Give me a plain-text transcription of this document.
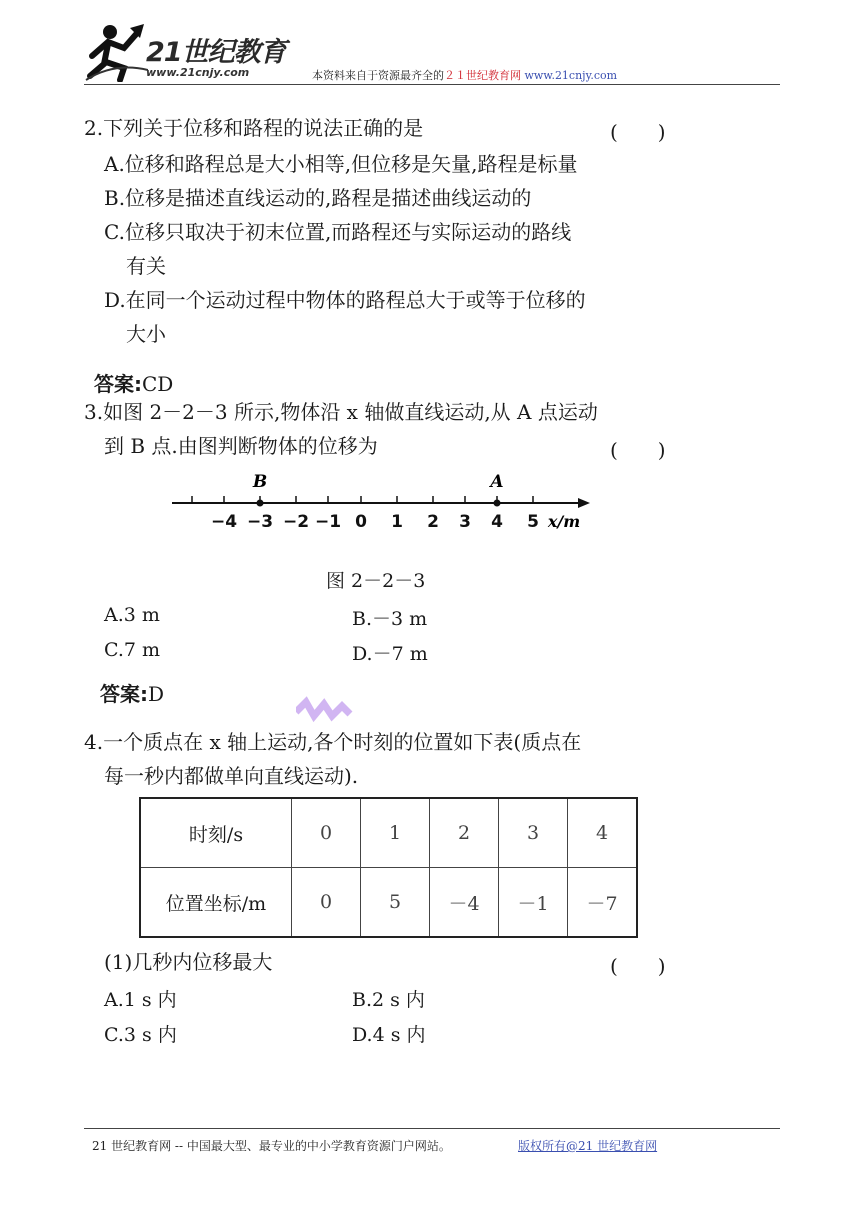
21世纪教育
www.21cnjy.com	本资料来自于资源最齐全的２１世纪教育网 www.21cnjy.com
2.下列关于位移和路程的说法正确的是	(　　)
A.位移和路程总是大小相等,但位移是矢量,路程是标量
B.位移是描述直线运动的,路程是描述曲线运动的
C.位移只取决于初末位置,而路程还与实际运动的路线
有关
D.在同一个运动过程中物体的路程总大于或等于位移的
大小
答案:CD
3.如图 2－2－3 所示,物体沿 x 轴做直线运动,从 A 点运动
到 B 点.由图判断物体的位移为	(　　)
−4 −3 −2 −1 0 1 2 3 4 5 x/m
B	A
图 2－2－3
A.3 m	B.－3 m
C.7 m	D.－7 m
答案:D
4.一个质点在 x 轴上运动,各个时刻的位置如下表(质点在
每一秒内都做单向直线运动).
时刻/s	0	1	2	3	4
位置坐标/m	0	5	－4	－1	－7
(1)几秒内位移最大	(　　)
A.1 s 内	B.2 s 内
C.3 s 内	D.4 s 内
21 世纪教育网 -- 中国最大型、最专业的中小学教育资源门户网站。	版权所有@21 世纪教育网
